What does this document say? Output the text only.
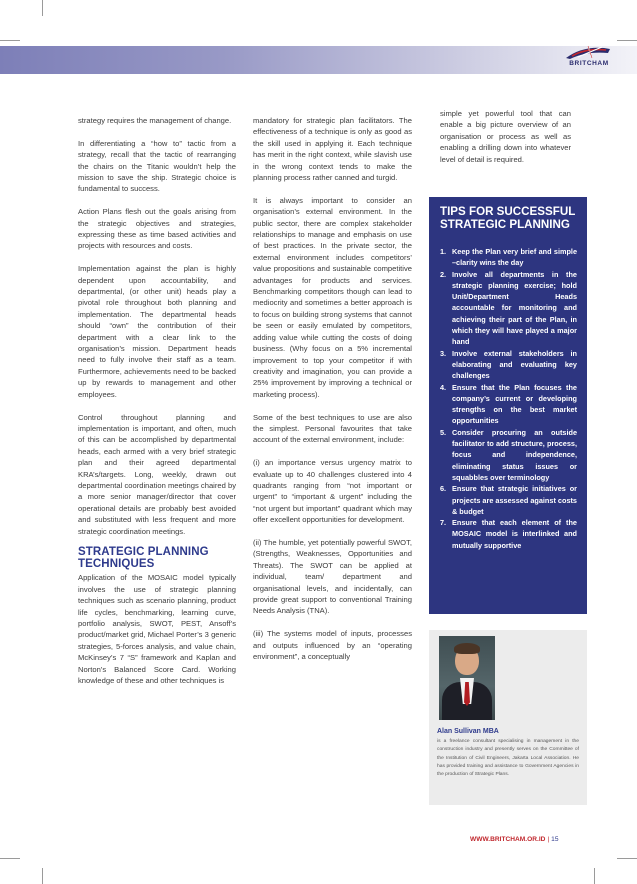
BRITCHAM

strategy requires the management of change.

In differentiating a “how to” tactic from a strategy, recall that the tactic of rearranging the chairs on the Titanic wouldn’t help the mission to save the ship. Strategic choice is fundamental to success.

Action Plans flesh out the goals arising from the strategic objectives and strategies, expressing these as time based activities and projects with resources and costs.

Implementation against the plan is highly dependent upon accountability, and departmental, (or other unit) heads play a pivotal role throughout both planning and implementation. The departmental heads should “own” the contribution of their department with a clear link to the organisation’s mission. Department heads need to fully involve their staff as a team. Furthermore, achievements need to be backed up by rewards to management and other employees.

Control throughout planning and implementation is important, and often, much of this can be accomplished by departmental heads, each armed with a very brief strategic plan and their agreed departmental KRA’s/targets. Long, weekly, drawn out departmental coordination meetings chaired by a more senior manager/director that cover operational details are probably best avoided and substituted with less frequent and more strategic coordination meetings.

STRATEGIC PLANNING TECHNIQUES

Application of the MOSAIC model typically involves the use of strategic planning techniques such as scenario planning, product life cycles, benchmarking, learning curve, portfolio analysis, SWOT, PEST, Ansoff’s product/market grid, Michael Porter’s 3 generic strategies, 5-forces analysis, and value chain, McKinsey’s 7 “S” framework and Kaplan and Norton’s Balanced Score Card. Working knowledge of these and other techniques is

mandatory for strategic plan facilitators. The effectiveness of a technique is only as good as the skill used in applying it. Each technique has merit in the right context, while slavish use in the wrong context tends to make the planning process rather canned and turgid.

It is always important to consider an organisation’s external environment. In the public sector, there are complex stakeholder relationships to manage and emphasis on use of best practices. In the private sector, the external environment includes competitors’ value propositions and sustainable competitive advantages for products and services. Benchmarking competitors though can lead to mediocrity and sometimes a better approach is to focus on building strong systems that cannot be seen or easily emulated by competitors, adding value while cutting the costs of doing business. (Why focus on a 5% incremental improvement to top your competitor if with creativity and imagination, you can provide a 25% improvement by improving a technical or marketing process).

Some of the best techniques to use are also the simplest. Personal favourites that take account of the external environment, include:

(i) an importance versus urgency matrix to evaluate up to 40 challenges clustered into 4 quadrants ranging from “not important or urgent” to “important & urgent” including the “not urgent but important” quadrant which may offer excellent opportunities for development.

(ii) The humble, yet potentially powerful SWOT, (Strengths, Weaknesses, Opportunities and Threats). The SWOT can be applied at individual, team/ department and organisational levels, and incidentally, can provide great support to conventional Training Needs Analysis (TNA).

(iii) The systems model of inputs, processes and outputs influenced by an “operating environment”, a conceptually

simple yet powerful tool that can enable a big picture overview of an organisation or process as well as enabling a drilling down into whatever level of detail is required.

TIPS FOR SUCCESSFUL STRATEGIC PLANNING
1. Keep the Plan very brief and simple –clarity wins the day
2. Involve all departments in the strategic planning exercise; hold Unit/Department Heads accountable for monitoring and achieving their part of the Plan, in which they will have played a major hand
3. Involve external stakeholders in elaborating and evaluating key challenges
4. Ensure that the Plan focuses the company’s current or developing strengths on the best market opportunities
5. Consider procuring an outside facilitator to add structure, process, focus and independence, eliminating status issues or squabbles over terminology
6. Ensure that strategic initiatives or projects are assessed against costs & budget
7. Ensure that each element of the MOSAIC model is interlinked and mutually supportive
Alan Sullivan MBA
is a freelance consultant specialising in management in the construction industry and presently serves on the Committee of the Institution of Civil Engineers, Jakarta Local Association. He has provided training and assistance to Government Agencies in the production of Strategic Plans.
WWW.BRITCHAM.OR.ID | 15
